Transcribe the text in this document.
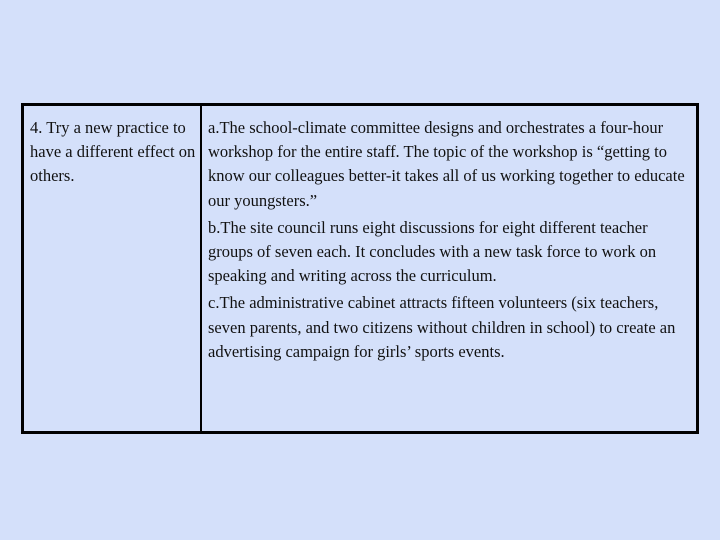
4. Try a new practice to have a different effect on others.
a.The school-climate committee designs and orchestrates a four-hour workshop for the entire staff. The topic of the workshop is “getting to know our colleagues better-it takes all of us working together to educate our youngsters.”
b.The site council runs eight discussions for eight different teacher groups of seven each. It concludes with a new task force to work on speaking and writing across the curriculum.
c.The administrative cabinet attracts fifteen volunteers (six teachers, seven parents, and two citizens without children in school) to create an advertising campaign for girls’ sports events.
